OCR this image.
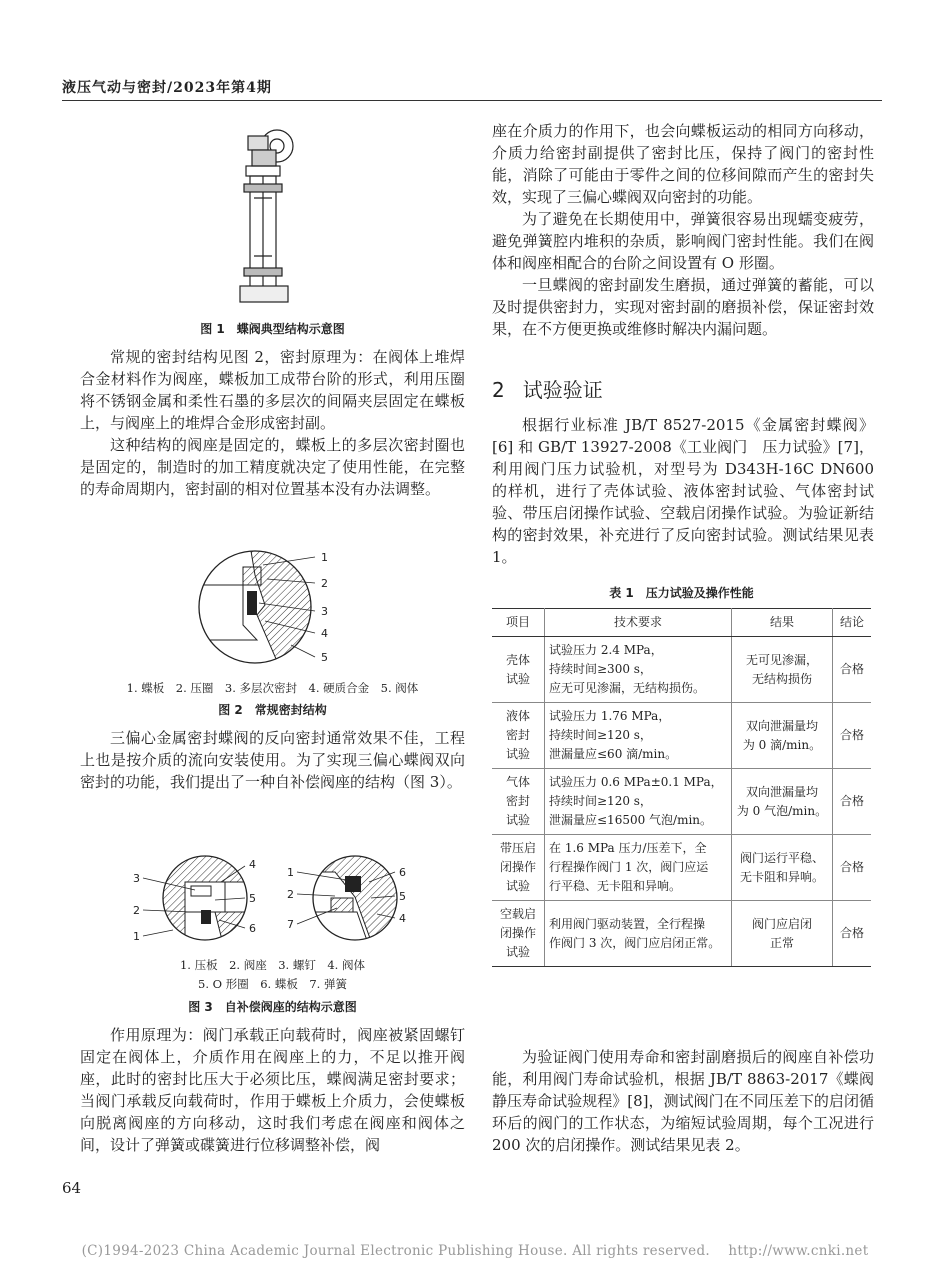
液压气动与密封/2023年第4期
图 1　蝶阀典型结构示意图

常规的密封结构见图 2，密封原理为：在阀体上堆焊合金材料作为阀座，蝶板加工成带台阶的形式，利用压圈将不锈钢金属和柔性石墨的多层次的间隔夹层固定在蝶板上，与阀座上的堆焊合金形成密封副。

这种结构的阀座是固定的，蝶板上的多层次密封圈也是固定的，制造时的加工精度就决定了使用性能，在完整的寿命周期内，密封副的相对位置基本没有办法调整。

1
2
3
4
5
1. 蝶板　2. 压圈　3. 多层次密封　4. 硬质合金　5. 阀体
图 2　常规密封结构

三偏心金属密封蝶阀的反向密封通常效果不佳，工程上也是按介质的流向安装使用。为了实现三偏心蝶阀双向密封的功能，我们提出了一种自补偿阀座的结构（图 3）。

4
3
5
2
6
1
1	6
2	5
7	4
1. 压板　2. 阀座　3. 螺钉　4. 阀体
5. O 形圈　6. 蝶板　7. 弹簧
图 3　自补偿阀座的结构示意图

作用原理为：阀门承载正向载荷时，阀座被紧固螺钉固定在阀体上，介质作用在阀座上的力，不足以推开阀座，此时的密封比压大于必须比压，蝶阀满足密封要求；当阀门承载反向载荷时，作用于蝶板上介质力，会使蝶板向脱离阀座的方向移动，这时我们考虑在阀座和阀体之间，设计了弹簧或碟簧进行位移调整补偿，阀

座在介质力的作用下，也会向蝶板运动的相同方向移动，介质力给密封副提供了密封比压，保持了阀门的密封性能，消除了可能由于零件之间的位移间隙而产生的密封失效，实现了三偏心蝶阀双向密封的功能。

为了避免在长期使用中，弹簧很容易出现蠕变疲劳，避免弹簧腔内堆积的杂质，影响阀门密封性能。我们在阀体和阀座相配合的台阶之间设置有 O 形圈。

一旦蝶阀的密封副发生磨损，通过弹簧的蓄能，可以及时提供密封力，实现对密封副的磨损补偿，保证密封效果，在不方便更换或维修时解决内漏问题。

2 试验验证

根据行业标准 JB/T 8527-2015《金属密封蝶阀》[6] 和 GB/T 13927-2008《工业阀门　压力试验》[7]，利用阀门压力试验机，对型号为 D343H-16C DN600 的样机，进行了壳体试验、液体密封试验、气体密封试验、带压启闭操作试验、空载启闭操作试验。为验证新结构的密封效果，补充进行了反向密封试验。测试结果见表 1。

表 1　压力试验及操作性能
项目	技术要求	结果	结论
壳体
试验	试验压力 2.4 MPa，
持续时间≥300 s，
应无可见渗漏，无结构损伤。	无可见渗漏，
无结构损伤	合格
液体
密封
试验	试验压力 1.76 MPa，
持续时间≥120 s，
泄漏量应≤60 滴/min。	双向泄漏量均
为 0 滴/min。	合格
气体
密封
试验	试验压力 0.6 MPa±0.1 MPa，
持续时间≥120 s，
泄漏量应≤16500 气泡/min。	双向泄漏量均
为 0 气泡/min。	合格
带压启
闭操作
试验	在 1.6 MPa 压力/压差下，全
行程操作阀门 1 次，阀门应运
行平稳、无卡阻和异响。	阀门运行平稳、
无卡阻和异响。	合格
空载启
闭操作
试验	利用阀门驱动装置，全行程操
作阀门 3 次，阀门应启闭正常。	阀门应启闭
正常	合格

为验证阀门使用寿命和密封副磨损后的阀座自补偿功能，利用阀门寿命试验机，根据 JB/T 8863-2017《蝶阀　静压寿命试验规程》[8]，测试阀门在不同压差下的启闭循环后的阀门的工作状态，为缩短试验周期，每个工况进行 200 次的启闭操作。测试结果见表 2。

64
(C)1994-2023 China Academic Journal Electronic Publishing House. All rights reserved.　 http://www.cnki.net
